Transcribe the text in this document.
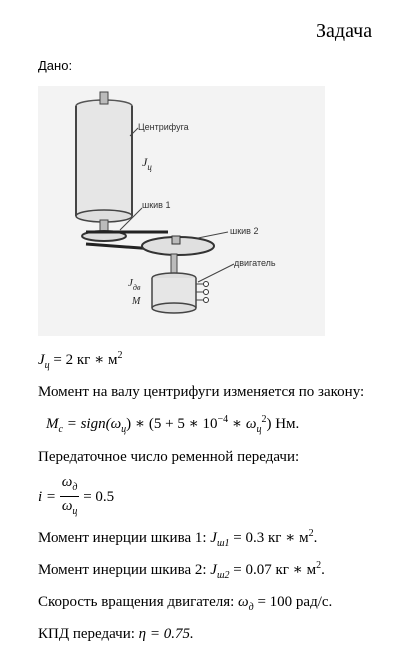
Задача
Дано:
Центрифуга
$J_ц$
шкив 1
шкив 2
двигатель
$J_{дв}$
M
$J_ц = 2$ кг ∗ $м^2$
Момент на валу центрифуги изменяется по закону:
$M_c$ = $sign(\omega_ц)$ ∗ (5 + 5 ∗ $10^{-4}$ ∗ $\omega_ц^2$) Нм.
Передаточное число ременной передачи:
$i = \frac{\omega_д}{\omega_ц} = 0.5$
Момент инерции шкива 1: $J_{ш1} = 0.3$ кг ∗ $м^2$.
Момент инерции шкива 2: $J_{ш2} = 0.07$ кг ∗ $м^2$.
Скорость вращения двигателя: $\omega_д = 100$ рад/с.
КПД передачи: η = 0.75.
